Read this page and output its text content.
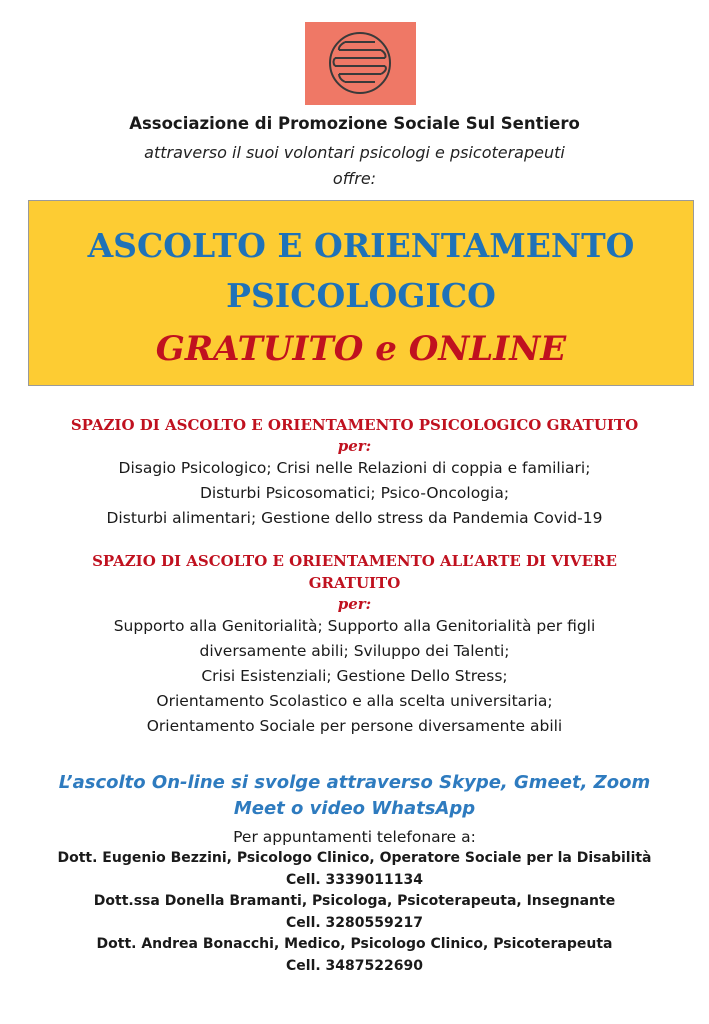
Associazione di Promozione Sociale Sul Sentiero
attraverso il suoi volontari psicologi e psicoterapeuti
offre:
ASCOLTO E ORIENTAMENTO
PSICOLOGICO
GRATUITO e ONLINE
SPAZIO DI ASCOLTO E ORIENTAMENTO PSICOLOGICO GRATUITO
per:
Disagio Psicologico; Crisi nelle Relazioni di coppia e familiari;
Disturbi Psicosomatici; Psico-Oncologia;
Disturbi alimentari; Gestione dello stress da Pandemia Covid-19
SPAZIO DI ASCOLTO E ORIENTAMENTO ALL’ARTE DI VIVERE
GRATUITO
per:
Supporto alla Genitorialità; Supporto alla Genitorialità per figli
diversamente abili; Sviluppo dei Talenti;
Crisi Esistenziali; Gestione Dello Stress;
Orientamento Scolastico e alla scelta universitaria;
Orientamento Sociale per persone diversamente abili
L’ascolto On-line si svolge attraverso Skype, Gmeet, Zoom
Meet o video WhatsApp
Per appuntamenti telefonare a:
Dott. Eugenio Bezzini, Psicologo Clinico, Operatore Sociale per la Disabilità
Cell. 3339011134
Dott.ssa Donella Bramanti, Psicologa, Psicoterapeuta, Insegnante
Cell. 3280559217
Dott. Andrea Bonacchi, Medico, Psicologo Clinico, Psicoterapeuta
Cell. 3487522690
